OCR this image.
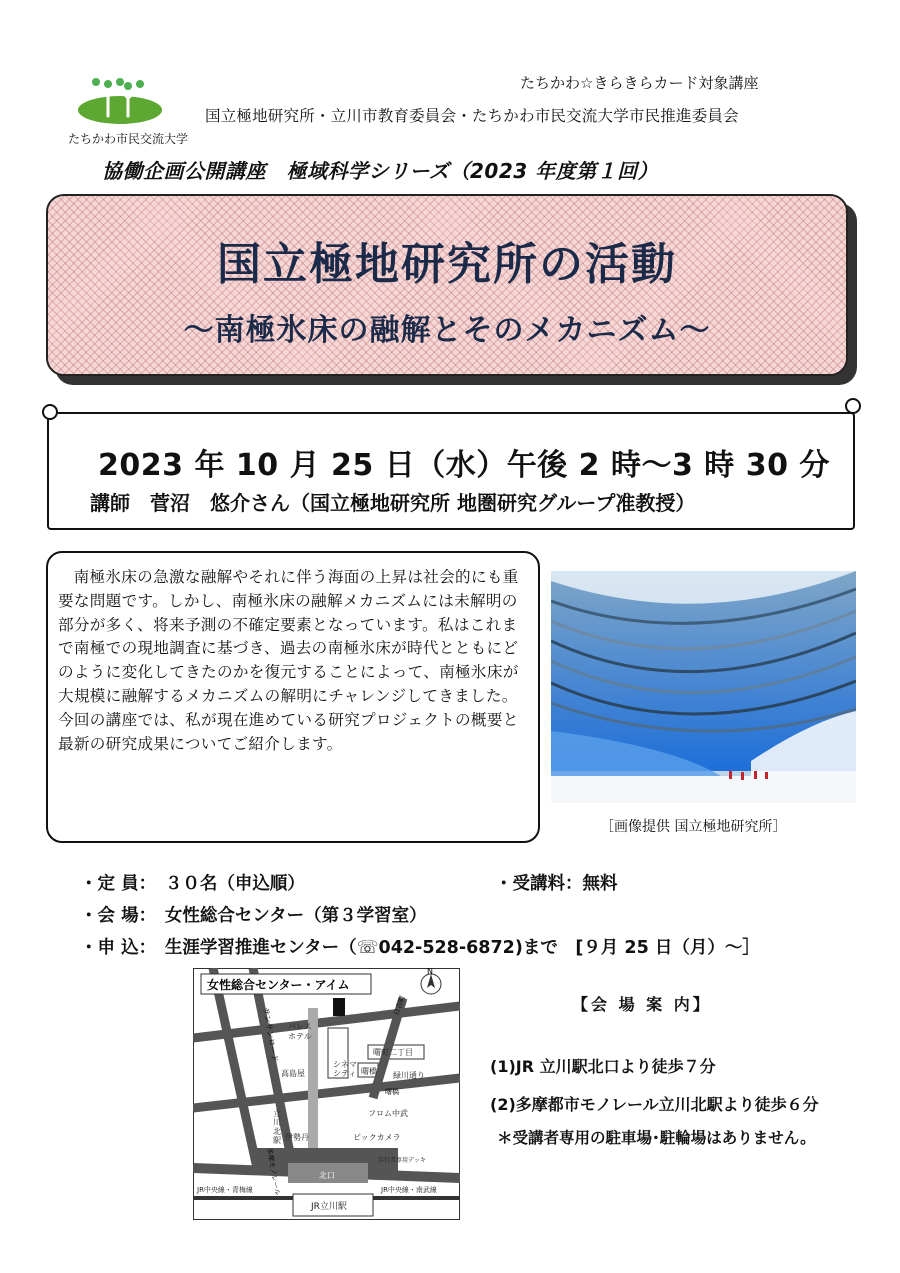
たちかわ市民交流大学
たちかわ☆きらきらカード対象講座
国立極地研究所・立川市教育委員会・たちかわ市民交流大学市民推進委員会
協働企画公開講座　極域科学シリーズ（2023 年度第１回）
国立極地研究所の活動
～南極氷床の融解とそのメカニズム～
2023 年 10 月 25 日（水）午後 2 時～3 時 30 分
講師　菅沼　悠介さん（国立極地研究所 地圏研究グループ准教授）
南極氷床の急激な融解やそれに伴う海面の上昇は社会的にも重要な問題です。しかし、南極氷床の融解メカニズムには未解明の部分が多く、将来予測の不確定要素となっています。私はこれまで南極での現地調査に基づき、過去の南極氷床が時代とともにどのように変化してきたのかを復元することによって、南極氷床が大規模に融解するメカニズムの解明にチャレンジしてきました。今回の講座では、私が現在進めている研究プロジェクトの概要と最新の研究成果についてご紹介します。
［画像提供 国立極地研究所］
・定 員：　３０名（申込順）	・受講料：無料
・会 場：　女性総合センター（第３学習室）
・申 込：　生涯学習推進センター（☏042-528-6872)まで　[９月 25 日（月）～］
女性総合センター・アイム
N
パレス
ホテル
高島屋
シネマ
シティ 曙橋
曙町二丁目
緑川通り
フロム中武
伊勢丹	ビックカメラ
歩行者専用デッキ
北口
JR中央線・青梅線	JR中央線・南武線
JR立川駅
立
川
北
駅
サンサンロード
多摩モノレール
日吉町
曙橋
【会 場 案 内】
(1)JR 立川駅北口より徒歩７分
(2)多摩都市モノレール立川北駅より徒歩６分
＊受講者専用の駐車場･駐輪場はありません。
